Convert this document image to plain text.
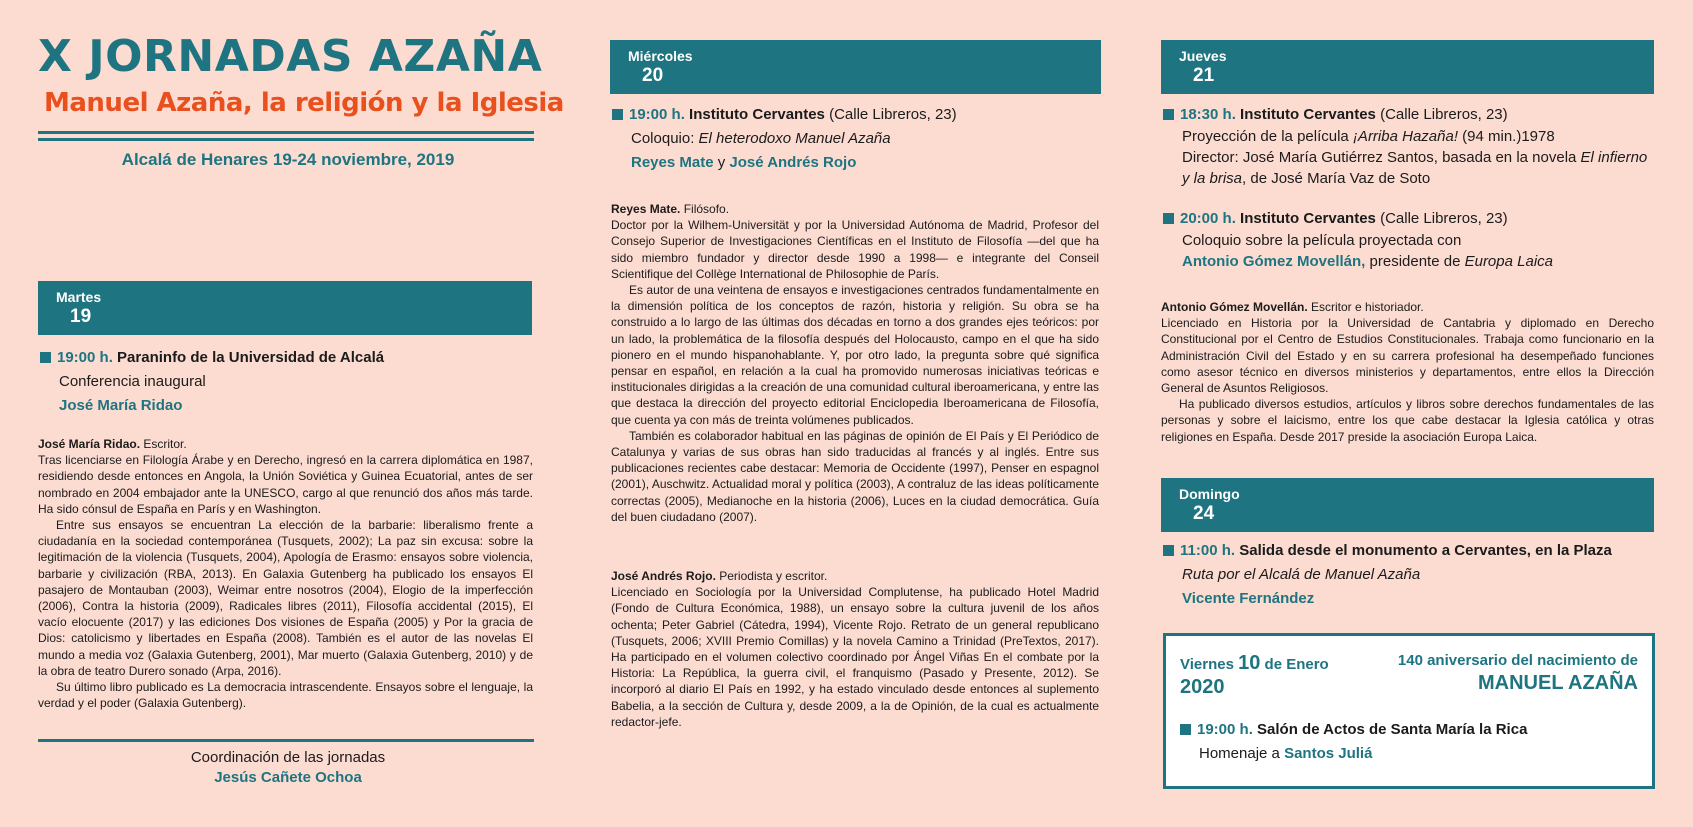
X JORNADAS AZAÑA
Manuel Azaña, la religión y la Iglesia
Alcalá de Henares 19-24 noviembre, 2019
Martes
19
19:00 h. Paraninfo de la Universidad de Alcalá
Conferencia inaugural
José María Ridao

José María Ridao. Escritor.

Tras licenciarse en Filología Árabe y en Derecho, ingresó en la carrera diplomática en 1987, residiendo desde entonces en Angola, la Unión Soviética y Guinea Ecuatorial, antes de ser nombrado en 2004 embajador ante la UNESCO, cargo al que renunció dos años más tarde. Ha sido cónsul de España en París y en Washington.

Entre sus ensayos se encuentran La elección de la barbarie: liberalismo frente a ciudadanía en la sociedad contemporánea (Tusquets, 2002); La paz sin excusa: sobre la legitimación de la violencia (Tusquets, 2004), Apología de Erasmo: ensayos sobre violencia, barbarie y civilización (RBA, 2013). En Galaxia Gutenberg ha publicado los ensayos El pasajero de Montauban (2003), Weimar entre nosotros (2004), Elogio de la imperfección (2006), Contra la historia (2009), Radicales libres (2011), Filosofía accidental (2015), El vacío elocuente (2017) y las ediciones Dos visiones de España (2005) y Por la gracia de Dios: catolicismo y libertades en España (2008). También es el autor de las novelas El mundo a media voz (Galaxia Gutenberg, 2001), Mar muerto (Galaxia Gutenberg, 2010) y de la obra de teatro Durero sonado (Arpa, 2016).

Su último libro publicado es La democracia intrascendente. Ensayos sobre el lenguaje, la verdad y el poder (Galaxia Gutenberg).

Coordinación de las jornadas
Jesús Cañete Ochoa
Miércoles
20
19:00 h. Instituto Cervantes (Calle Libreros, 23)
Coloquio: El heterodoxo Manuel Azaña
Reyes Mate y José Andrés Rojo

Reyes Mate. Filósofo.

Doctor por la Wilhem-Universität y por la Universidad Autónoma de Madrid, Profesor del Consejo Superior de Investigaciones Científicas en el Instituto de Filosofía —del que ha sido miembro fundador y director desde 1990 a 1998— e integrante del Conseil Scientifique del Collège International de Philosophie de París.

Es autor de una veintena de ensayos e investigaciones centrados fundamentalmente en la dimensión política de los conceptos de razón, historia y religión. Su obra se ha construido a lo largo de las últimas dos décadas en torno a dos grandes ejes teóricos: por un lado, la problemática de la filosofía después del Holocausto, campo en el que ha sido pionero en el mundo hispanohablante. Y, por otro lado, la pregunta sobre qué significa pensar en español, en relación a la cual ha promovido numerosas iniciativas teóricas e institucionales dirigidas a la creación de una comunidad cultural iberoamericana, y entre las que destaca la dirección del proyecto editorial Enciclopedia Iberoamericana de Filosofía, que cuenta ya con más de treinta volúmenes publicados.

También es colaborador habitual en las páginas de opinión de El País y El Periódico de Catalunya y varias de sus obras han sido traducidas al francés y al inglés. Entre sus publicaciones recientes cabe destacar: Memoria de Occidente (1997), Penser en espagnol (2001), Auschwitz. Actualidad moral y política (2003), A contraluz de las ideas políticamente correctas (2005), Medianoche en la historia (2006), Luces en la ciudad democrática. Guía del buen ciudadano (2007).

José Andrés Rojo. Periodista y escritor.

Licenciado en Sociología por la Universidad Complutense, ha publicado Hotel Madrid (Fondo de Cultura Económica, 1988), un ensayo sobre la cultura juvenil de los años ochenta; Peter Gabriel (Cátedra, 1994), Vicente Rojo. Retrato de un general republicano (Tusquets, 2006; XVIII Premio Comillas) y la novela Camino a Trinidad (PreTextos, 2017). Ha participado en el volumen colectivo coordinado por Ángel Viñas En el combate por la Historia: La República, la guerra civil, el franquismo (Pasado y Presente, 2012). Se incorporó al diario El País en 1992, y ha estado vinculado desde entonces al suplemento Babelia, a la sección de Cultura y, desde 2009, a la de Opinión, de la cual es actualmente redactor-jefe.

Jueves
21
18:30 h. Instituto Cervantes (Calle Libreros, 23)
Proyección de la película ¡Arriba Hazaña! (94 min.)1978
Director: José María Gutiérrez Santos, basada en la novela El infierno
y la brisa, de José María Vaz de Soto
20:00 h. Instituto Cervantes (Calle Libreros, 23)
Coloquio sobre la película proyectada con
Antonio Gómez Movellán, presidente de Europa Laica

Antonio Gómez Movellán. Escritor e historiador.

Licenciado en Historia por la Universidad de Cantabria y diplomado en Derecho Constitucional por el Centro de Estudios Constitucionales. Trabaja como funcionario en la Administración Civil del Estado y en su carrera profesional ha desempeñado funciones como asesor técnico en diversos ministerios y departamentos, entre ellos la Dirección General de Asuntos Religiosos.

Ha publicado diversos estudios, artículos y libros sobre derechos fundamentales de las personas y sobre el laicismo, entre los que cabe destacar la Iglesia católica y otras religiones en España. Desde 2017 preside la asociación Europa Laica.

Domingo
24
11:00 h. Salida desde el monumento a Cervantes, en la Plaza
Ruta por el Alcalá de Manuel Azaña
Vicente Fernández
Viernes 10 de Enero
2020
140 aniversario del nacimiento de
MANUEL AZAÑA
19:00 h. Salón de Actos de Santa María la Rica
Homenaje a Santos Juliá
